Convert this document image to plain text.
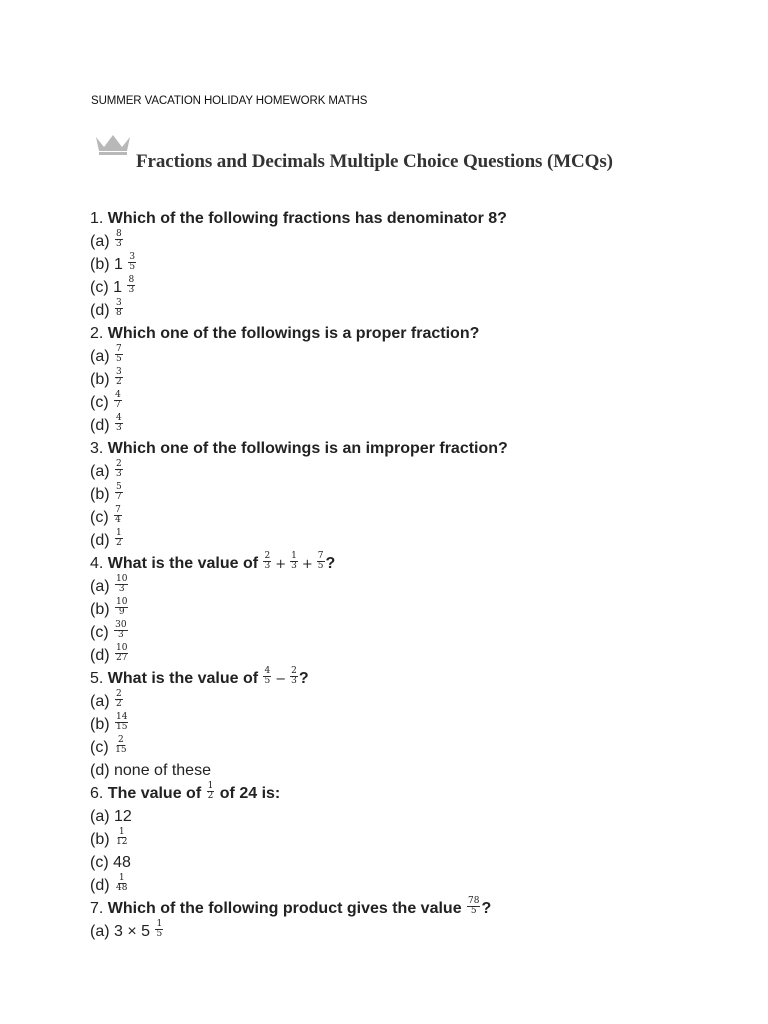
SUMMER VACATION HOLIDAY HOMEWORK MATHS
Fractions and Decimals Multiple Choice Questions (MCQs)
1. Which of the following fractions has denominator 8?
$(a) \frac{8}{3}$
(b) $1 \frac{3}{5}$
(c) $1 \frac{8}{3}$
$(d) \frac{3}{8}$
2. Which one of the followings is a proper fraction?
$(a) \frac{7}{5}$
$(b) \frac{3}{2}$
$(c) \frac{4}{7}$
$(d) \frac{4}{3}$
3. Which one of the followings is an improper fraction?
$(a) \frac{2}{3}$
$(b) \frac{5}{7}$
$(c) \frac{7}{4}$
$(d) \frac{1}{2}$
4. What is the value of $\frac{2}{3} + \frac{1}{3} + \frac{7}{5}$ ?
$(a) \frac{10}{3}$
$(b) \frac{10}{9}$
$(c) \frac{30}{3}$
$(d) \frac{10}{27}$
5. What is the value of $\frac{4}{5} - \frac{2}{3}$ ?
$(a) \frac{2}{2}$
$(b) \frac{14}{15}$
$(c) \frac{2}{15}$
(d) none of these
6. The value of $\frac{1}{2}$ of 24 is:
(a) 12
$(b) \frac{1}{12}$
(c) 48
$(d) \frac{1}{48}$
7. Which of the following product gives the value $\frac{78}{5}$ ?
(a) $3 \times 5 \frac{1}{5}$
